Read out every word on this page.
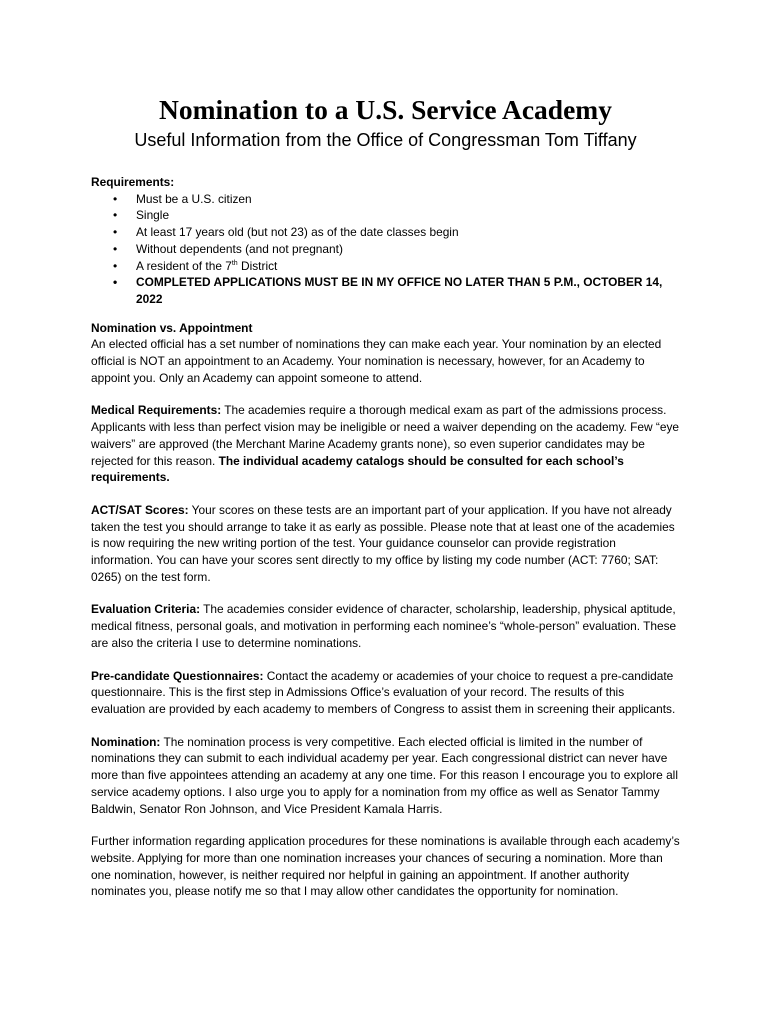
Nomination to a U.S. Service Academy

Useful Information from the Office of Congressman Tom Tiffany

Requirements:

• Must be a U.S. citizen
• Single
• At least 17 years old (but not 23) as of the date classes begin
• Without dependents (and not pregnant)
• A resident of the 7th District
• COMPLETED APPLICATIONS MUST BE IN MY OFFICE NO LATER THAN 5 P.M., OCTOBER 14, 2022

Nomination vs. Appointment

An elected official has a set number of nominations they can make each year. Your nomination by an elected official is NOT an appointment to an Academy. Your nomination is necessary, however, for an Academy to appoint you. Only an Academy can appoint someone to attend.

Medical Requirements: The academies require a thorough medical exam as part of the admissions process. Applicants with less than perfect vision may be ineligible or need a waiver depending on the academy. Few “eye waivers” are approved (the Merchant Marine Academy grants none), so even superior candidates may be rejected for this reason. The individual academy catalogs should be consulted for each school’s requirements.

ACT/SAT Scores: Your scores on these tests are an important part of your application. If you have not already taken the test you should arrange to take it as early as possible. Please note that at least one of the academies is now requiring the new writing portion of the test. Your guidance counselor can provide registration information. You can have your scores sent directly to my office by listing my code number (ACT: 7760; SAT: 0265) on the test form.

Evaluation Criteria: The academies consider evidence of character, scholarship, leadership, physical aptitude, medical fitness, personal goals, and motivation in performing each nominee’s “whole-person” evaluation. These are also the criteria I use to determine nominations.

Pre-candidate Questionnaires: Contact the academy or academies of your choice to request a pre-candidate questionnaire. This is the first step in Admissions Office’s evaluation of your record. The results of this evaluation are provided by each academy to members of Congress to assist them in screening their applicants.

Nomination: The nomination process is very competitive. Each elected official is limited in the number of nominations they can submit to each individual academy per year. Each congressional district can never have more than five appointees attending an academy at any one time. For this reason I encourage you to explore all service academy options. I also urge you to apply for a nomination from my office as well as Senator Tammy Baldwin, Senator Ron Johnson, and Vice President Kamala Harris.

Further information regarding application procedures for these nominations is available through each academy’s website. Applying for more than one nomination increases your chances of securing a nomination. More than one nomination, however, is neither required nor helpful in gaining an appointment. If another authority nominates you, please notify me so that I may allow other candidates the opportunity for nomination.
